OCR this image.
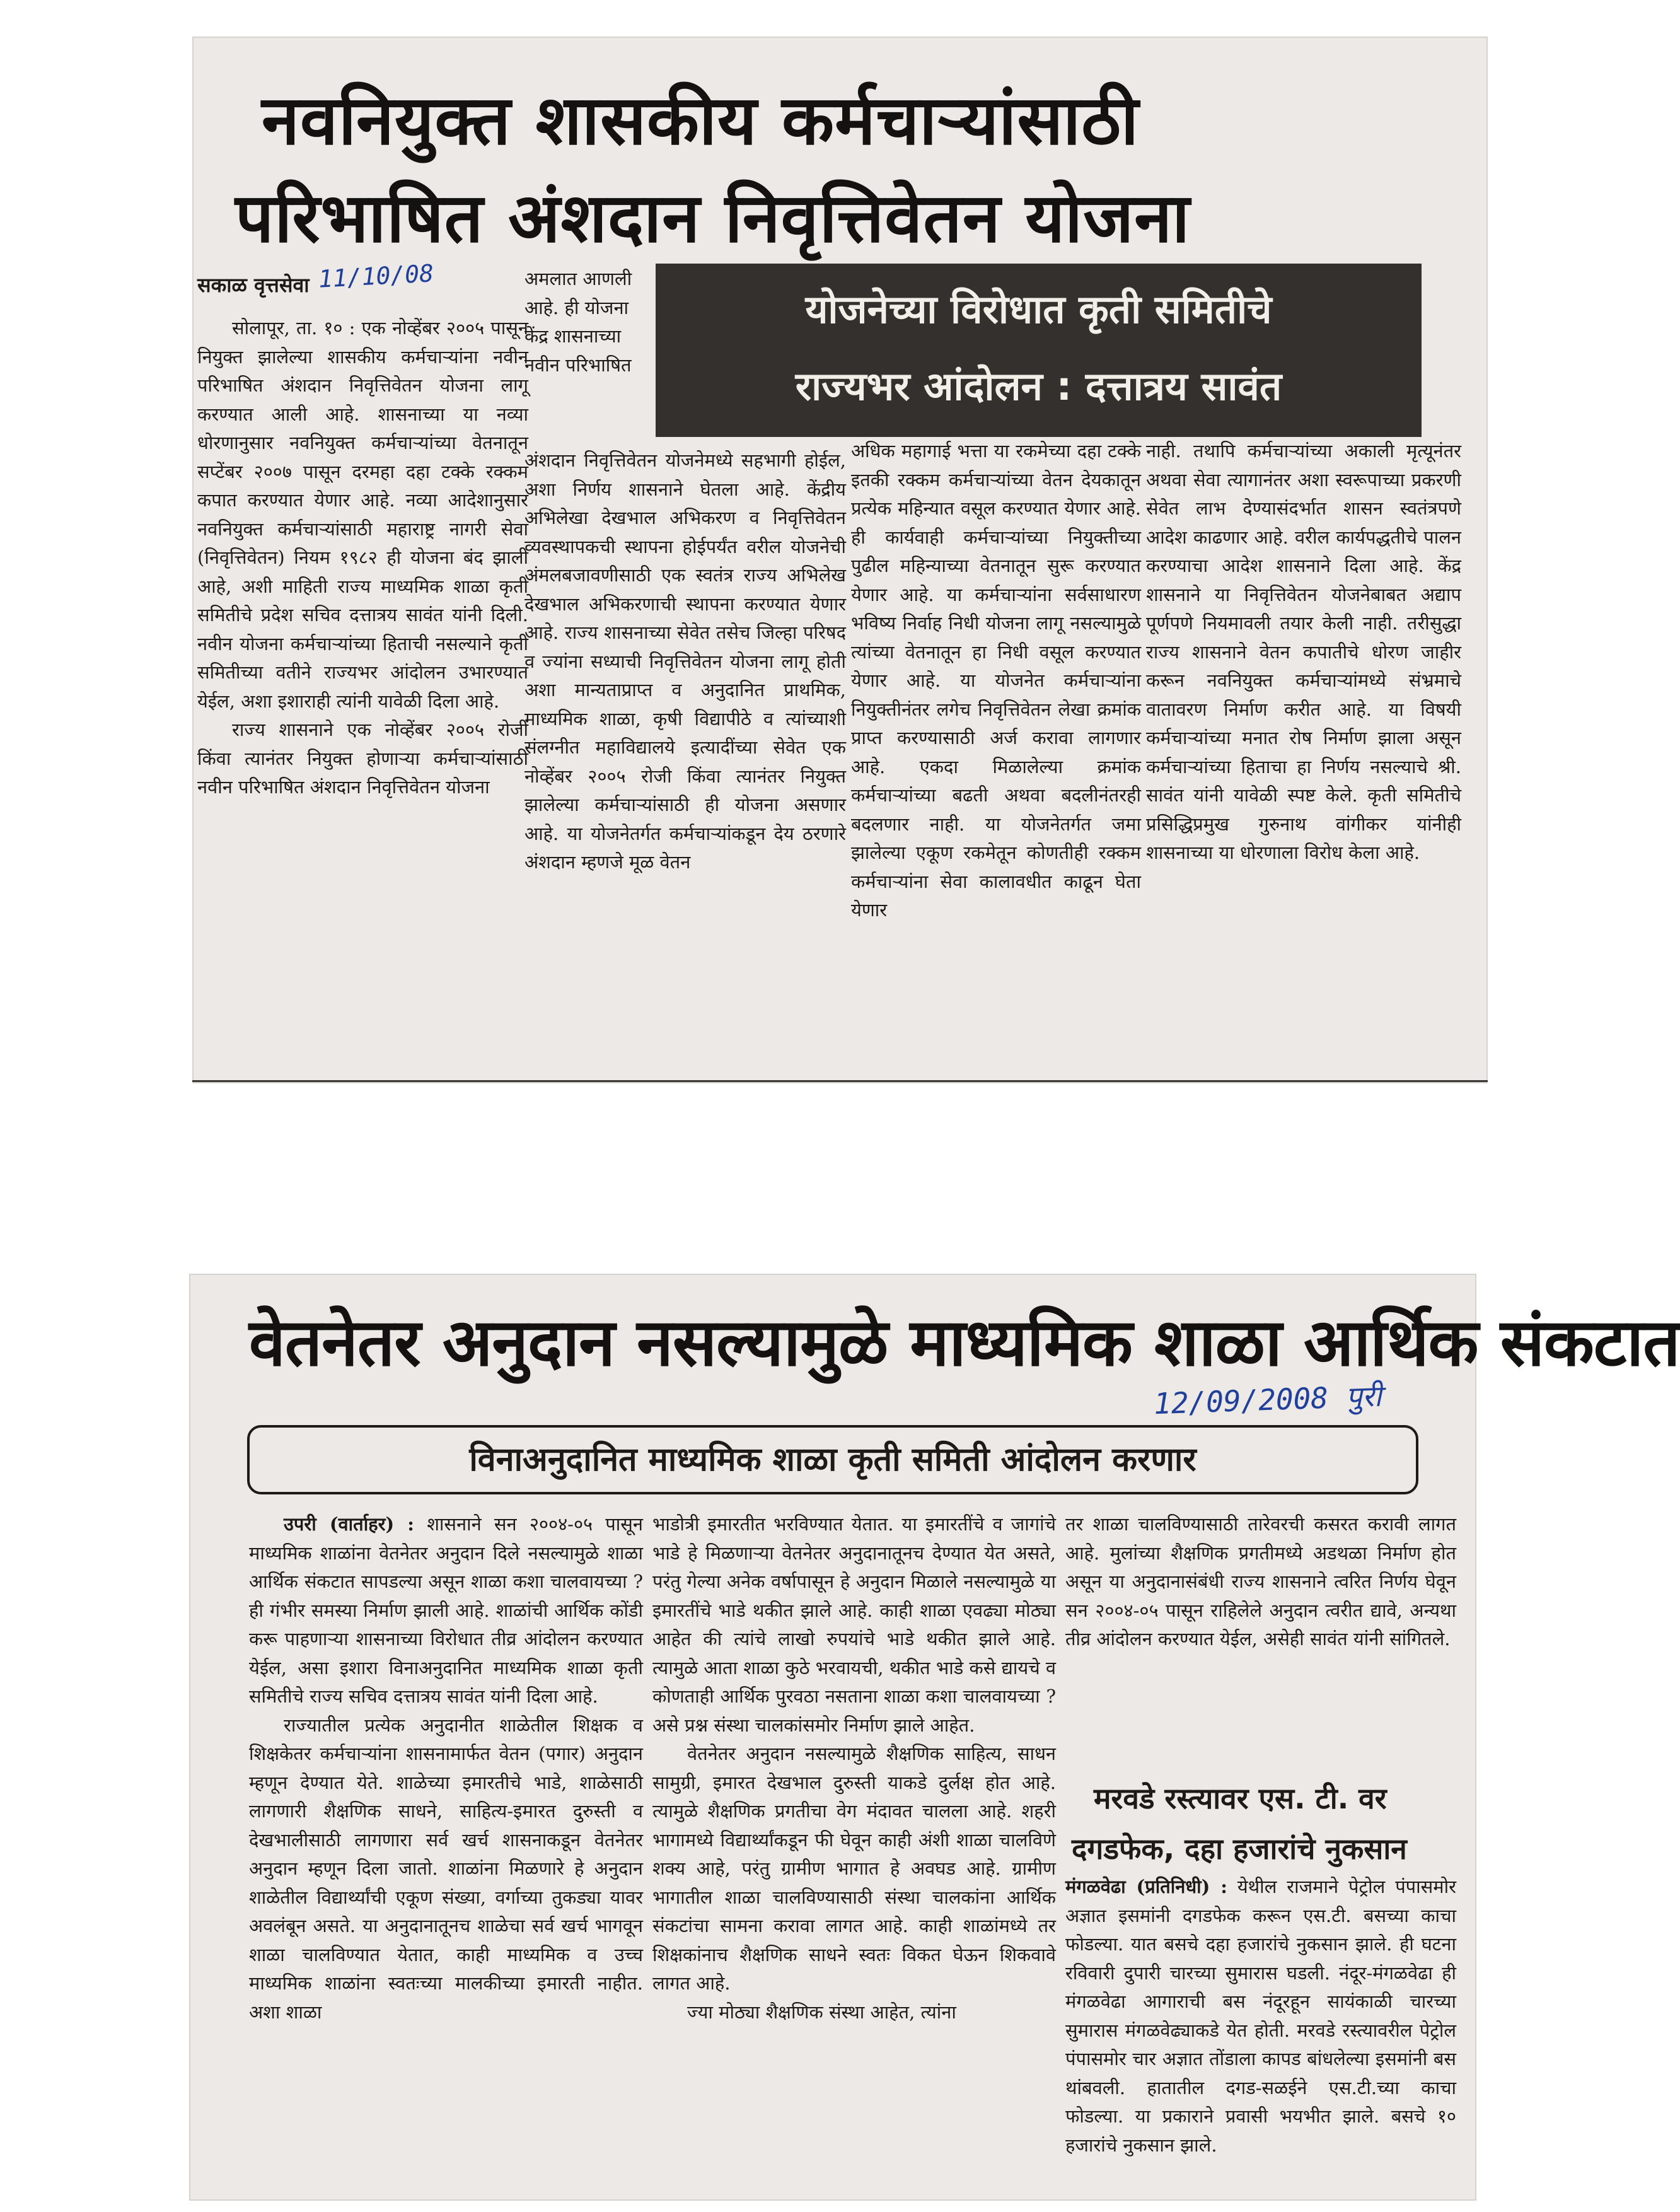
नवनियुक्त शासकीय कर्मचाऱ्यांसाठी
परिभाषित अंशदान निवृत्तिवेतन योजना
सकाळ वृत्तसेवा 11/10/08
योजनेच्या विरोधात कृती समितीचे
राज्यभर आंदोलन : दत्तात्रय सावंत
सोलापूर, ता. १० : एक नोव्हेंबर २००५ पासून नियुक्त झालेल्या शासकीय कर्मचाऱ्यांना नवीन परिभाषित अंशदान निवृत्तिवेतन योजना लागू करण्यात आली आहे. शासनाच्या या नव्या धोरणानुसार नवनियुक्त कर्मचाऱ्यांच्या वेतनातून सप्टेंबर २००७ पासून दरमहा दहा टक्के रक्कम कपात करण्यात येणार आहे. नव्या आदेशानुसार नवनियुक्त कर्मचाऱ्यांसाठी महाराष्ट्र नागरी सेवा (निवृत्तिवेतन) नियम १९८२ ही योजना बंद झाली आहे, अशी माहिती राज्य माध्यमिक शाळा कृती समितीचे प्रदेश सचिव दत्तात्रय सावंत यांनी दिली. नवीन योजना कर्मचाऱ्यांच्या हिताची नसल्याने कृती समितीच्या वतीने राज्यभर आंदोलन उभारण्यात येईल, अशा इशाराही त्यांनी यावेळी दिला आहे.
राज्य शासनाने एक नोव्हेंबर २००५ रोजी किंवा त्यानंतर नियुक्त होणाऱ्या कर्मचाऱ्यांसाठी नवीन परिभाषित अंशदान निवृत्तिवेतन योजना
अमलात आणली आहे. ही योजना केंद्र शासनाच्या नवीन परिभाषित
अंशदान निवृत्तिवेतन योजनेमध्ये सहभागी होईल, अशा निर्णय शासनाने घेतला आहे. केंद्रीय अभिलेखा देखभाल अभिकरण व निवृत्तिवेतन व्यवस्थापकची स्थापना होईपर्यंत वरील योजनेची अंमलबजावणीसाठी एक स्वतंत्र राज्य अभिलेख देखभाल अभिकरणाची स्थापना करण्यात येणार आहे. राज्य शासनाच्या सेवेत तसेच जिल्हा परिषद व ज्यांना सध्याची निवृत्तिवेतन योजना लागू होती अशा मान्यताप्राप्त व अनुदानित प्राथमिक, माध्यमिक शाळा, कृषी विद्यापीठे व त्यांच्याशी संलग्नीत महाविद्यालये इत्यादींच्या सेवेत एक नोव्हेंबर २००५ रोजी किंवा त्यानंतर नियुक्त झालेल्या कर्मचाऱ्यांसाठी ही योजना असणार आहे. या योजनेतर्गत कर्मचाऱ्यांकडून देय ठरणारे अंशदान म्हणजे मूळ वेतन
अधिक महागाई भत्ता या रकमेच्या दहा टक्के इतकी रक्कम कर्मचाऱ्यांच्या वेतन देयकातून प्रत्येक महिन्यात वसूल करण्यात येणार आहे. ही कार्यवाही कर्मचाऱ्यांच्या नियुक्तीच्या पुढील महिन्याच्या वेतनातून सुरू करण्यात येणार आहे. या कर्मचाऱ्यांना सर्वसाधारण भविष्य निर्वाह निधी योजना लागू नसल्यामुळे त्यांच्या वेतनातून हा निधी वसूल करण्यात येणार आहे. या योजनेत कर्मचाऱ्यांना नियुक्तीनंतर लगेच निवृत्तिवेतन लेखा क्रमांक प्राप्त करण्यासाठी अर्ज करावा लागणार आहे. एकदा मिळालेल्या क्रमांक कर्मचाऱ्यांच्या बढती अथवा बदलीनंतरही बदलणार नाही. या योजनेतर्गत जमा झालेल्या एकूण रकमेतून कोणतीही रक्कम कर्मचाऱ्यांना सेवा कालावधीत काढून घेता येणार
नाही. तथापि कर्मचाऱ्यांच्या अकाली मृत्यूनंतर अथवा सेवा त्यागानंतर अशा स्वरूपाच्या प्रकरणी सेवेत लाभ देण्यासंदर्भात शासन स्वतंत्रपणे आदेश काढणार आहे. वरील कार्यपद्धतीचे पालन करण्याचा आदेश शासनाने दिला आहे. केंद्र शासनाने या निवृत्तिवेतन योजनेबाबत अद्याप पूर्णपणे नियमावली तयार केली नाही. तरीसुद्धा राज्य शासनाने वेतन कपातीचे धोरण जाहीर करून नवनियुक्त कर्मचाऱ्यांमध्ये संभ्रमाचे वातावरण निर्माण करीत आहे. या विषयी कर्मचाऱ्यांच्या मनात रोष निर्माण झाला असून कर्मचाऱ्यांच्या हिताचा हा निर्णय नसल्याचे श्री. सावंत यांनी यावेळी स्पष्ट केले. कृती समितीचे प्रसिद्धिप्रमुख गुरुनाथ वांगीकर यांनीही शासनाच्या या धोरणाला विरोध केला आहे.
वेतनेतर अनुदान नसल्यामुळे माध्यमिक शाळा आर्थिक संकटात
12/09/2008 पुरी
विनाअनुदानित माध्यमिक शाळा कृती समिती आंदोलन करणार
उपरी (वार्ताहर) : शासनाने सन २००४-०५ पासून माध्यमिक शाळांना वेतनेतर अनुदान दिले नसल्यामुळे शाळा आर्थिक संकटात सापडल्या असून शाळा कशा चालवायच्या ? ही गंभीर समस्या निर्माण झाली आहे. शाळांची आर्थिक कोंडी करू पाहणाऱ्या शासनाच्या विरोधात तीव्र आंदोलन करण्यात येईल, असा इशारा विनाअनुदानित माध्यमिक शाळा कृती समितीचे राज्य सचिव दत्तात्रय सावंत यांनी दिला आहे.
राज्यातील प्रत्येक अनुदानीत शाळेतील शिक्षक व शिक्षकेतर कर्मचाऱ्यांना शासनामार्फत वेतन (पगार) अनुदान म्हणून देण्यात येते. शाळेच्या इमारतीचे भाडे, शाळेसाठी लागणारी शैक्षणिक साधने, साहित्य-इमारत दुरुस्ती व देखभालीसाठी लागणारा सर्व खर्च शासनाकडून वेतनेतर अनुदान म्हणून दिला जातो. शाळांना मिळणारे हे अनुदान शाळेतील विद्यार्थ्यांची एकूण संख्या, वर्गाच्या तुकड्या यावर अवलंबून असते. या अनुदानातूनच शाळेचा सर्व खर्च भागवून शाळा चालविण्यात येतात, काही माध्यमिक व उच्च माध्यमिक शाळांना स्वतःच्या मालकीच्या इमारती नाहीत. अशा शाळा
भाडोत्री इमारतीत भरविण्यात येतात. या इमारतींचे व जागांचे भाडे हे मिळणाऱ्या वेतनेतर अनुदानातूनच देण्यात येत असते, परंतु गेल्या अनेक वर्षापासून हे अनुदान मिळाले नसल्यामुळे या इमारतींचे भाडे थकीत झाले आहे. काही शाळा एवढ्या मोठ्या आहेत की त्यांचे लाखो रुपयांचे भाडे थकीत झाले आहे. त्यामुळे आता शाळा कुठे भरवायची, थकीत भाडे कसे द्यायचे व कोणताही आर्थिक पुरवठा नसताना शाळा कशा चालवायच्या ? असे प्रश्न संस्था चालकांसमोर निर्माण झाले आहेत.
वेतनेतर अनुदान नसल्यामुळे शैक्षणिक साहित्य, साधन सामुग्री, इमारत देखभाल दुरुस्ती याकडे दुर्लक्ष होत आहे. त्यामुळे शैक्षणिक प्रगतीचा वेग मंदावत चालला आहे. शहरी भागामध्ये विद्यार्थ्यांकडून फी घेवून काही अंशी शाळा चालविणे शक्य आहे, परंतु ग्रामीण भागात हे अवघड आहे. ग्रामीण भागातील शाळा चालविण्यासाठी संस्था चालकांना आर्थिक संकटांचा सामना करावा लागत आहे. काही शाळांमध्ये तर शिक्षकांनाच शैक्षणिक साधने स्वतः विकत घेऊन शिकवावे लागत आहे.
ज्या मोठ्या शैक्षणिक संस्था आहेत, त्यांना
तर शाळा चालविण्यासाठी तारेवरची कसरत करावी लागत आहे. मुलांच्या शैक्षणिक प्रगतीमध्ये अडथळा निर्माण होत असून या अनुदानासंबंधी राज्य शासनाने त्वरित निर्णय घेवून सन २००४-०५ पासून राहिलेले अनुदान त्वरीत द्यावे, अन्यथा तीव्र आंदोलन करण्यात येईल, असेही सावंत यांनी सांगितले.
मरवडे रस्त्यावर एस. टी. वर
दगडफेक, दहा हजारांचे नुकसान
मंगळवेढा (प्रतिनिधी) : येथील राजमाने पेट्रोल पंपासमोर अज्ञात इसमांनी दगडफेक करून एस.टी. बसच्या काचा फोडल्या. यात बसचे दहा हजारांचे नुकसान झाले. ही घटना रविवारी दुपारी चारच्या सुमारास घडली. नंदूर-मंगळवेढा ही मंगळवेढा आगाराची बस नंदूरहून सायंकाळी चारच्या सुमारास मंगळवेढ्याकडे येत होती. मरवडे रस्त्यावरील पेट्रोल पंपासमोर चार अज्ञात तोंडाला कापड बांधलेल्या इसमांनी बस थांबवली. हातातील दगड-सळईने एस.टी.च्या काचा फोडल्या. या प्रकाराने प्रवासी भयभीत झाले. बसचे १० हजारांचे नुकसान झाले.
